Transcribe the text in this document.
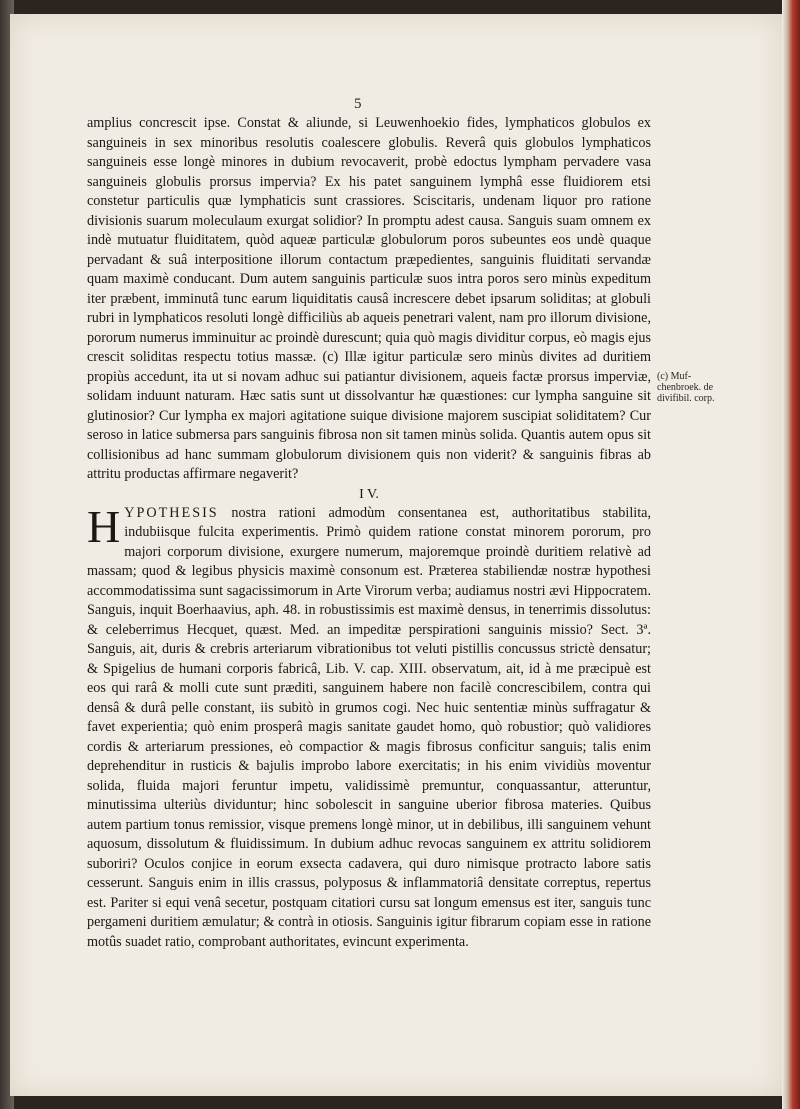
5

amplius concrescit ipse. Constat & aliunde, si Leuwenhoekio fides, lymphaticos globulos ex sanguineis in sex minoribus resolutis coalescere globulis. Reverâ quis globulos lymphaticos sanguineis esse longè minores in dubium revocaverit, probè edoctus lympham pervadere vasa sanguineis globulis prorsus impervia? Ex his patet sanguinem lymphâ esse fluidiorem etsi constetur particulis quæ lymphaticis sunt crassiores. Sciscitaris, undenam liquor pro ratione divisionis suarum moleculaum exurgat solidior? In promptu adest causa. Sanguis suam omnem ex indè mutuatur fluiditatem, quòd aqueæ particulæ globulorum poros subeuntes eos undè quaque pervadant & suâ interpositione illorum contactum præpedientes, sanguinis fluiditati servandæ quam maximè conducant. Dum autem sanguinis particulæ suos intra poros sero minùs expeditum iter præbent, imminutâ tunc earum liquiditatis causâ increscere debet ipsarum soliditas; at globuli rubri in lymphaticos resoluti longè difficiliùs ab aqueis penetrari valent, nam pro illorum divisione, pororum numerus imminuitur ac proindè durescunt; quia quò magis dividitur corpus, eò magis ejus crescit soliditas respectu totius massæ. (c) Illæ igitur particulæ sero minùs divites ad duritiem propiùs accedunt, ita ut si novam adhuc sui patiantur divisionem, aqueis factæ prorsus imperviæ, solidam induunt naturam. Hæc satis sunt ut dissolvantur hæ quæstiones: cur lympha sanguine sit glutinosior? Cur lympha ex majori agitatione suique divisione majorem suscipiat soliditatem? Cur seroso in latice submersa pars sanguinis fibrosa non sit tamen minùs solida. Quantis autem opus sit collisionibus ad hanc summam globulorum divisionem quis non viderit? & sanguinis fibras ab attritu productas affirmare negaverit?

I V.

HYPOTHESIS nostra rationi admodùm consentanea est, authoritatibus stabilita, indubiisque fulcita experimentis. Primò quidem ratione constat minorem pororum, pro majori corporum divisione, exurgere numerum, majoremque proindè duritiem relativè ad massam; quod & legibus physicis maximè consonum est. Præterea stabiliendæ nostræ hypothesi accommodatissima sunt sagacissimorum in Arte Virorum verba; audiamus nostri ævi Hippocratem. Sanguis, inquit Boerhaavius, aph. 48. in robustissimis est maximè densus, in tenerrimis dissolutus: & celeberrimus Hecquet, quæst. Med. an impeditæ perspirationi sanguinis missio? Sect. 3ª. Sanguis, ait, duris & crebris arteriarum vibrationibus tot veluti pistillis concussus strictè densatur; & Spigelius de humani corporis fabricâ, Lib. V. cap. XIII. observatum, ait, id à me præcipuè est eos qui rarâ & molli cute sunt præditi, sanguinem habere non facilè concrescibilem, contra qui densâ & durâ pelle constant, iis subitò in grumos cogi. Nec huic sententiæ minùs suffragatur & favet experientia; quò enim prosperâ magis sanitate gaudet homo, quò robustior; quò validiores cordis & arteriarum pressiones, eò compactior & magis fibrosus conficitur sanguis; talis enim deprehenditur in rusticis & bajulis improbo labore exercitatis; in his enim vividiùs moventur solida, fluida majori feruntur impetu, validissimè premuntur, conquassantur, atteruntur, minutissima ulteriùs dividuntur; hinc sobolescit in sanguine uberior fibrosa materies. Quibus autem partium tonus remissior, visque premens longè minor, ut in debilibus, illi sanguinem vehunt aquosum, dissolutum & fluidissimum. In dubium adhuc revocas sanguinem ex attritu solidiorem suboriri? Oculos conjice in eorum exsecta cadavera, qui duro nimisque protracto labore satis cesserunt. Sanguis enim in illis crassus, polyposus & inflammatoriâ densitate correptus, repertus est. Pariter si equi venâ secetur, postquam citatiori cursu sat longum emensus est iter, sanguis tunc pergameni duritiem æmulatur; & contrà in otiosis. Sanguinis igitur fibrarum copiam esse in ratione motûs suadet ratio, comprobant authoritates, evincunt experimenta.

(c) Muf-
chenbroek. de
divifibil. corp.
